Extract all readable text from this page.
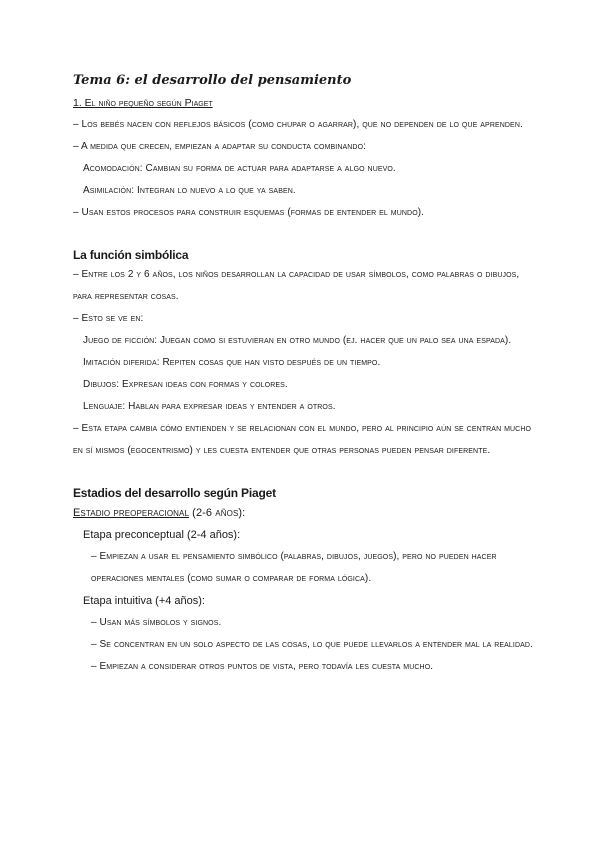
Tema 6: el desarrollo del pensamiento

1. El niño pequeño según Piaget

– Los bebés nacen con reflejos básicos (como chupar o agarrar), que no dependen de lo que aprenden.

– A medida que crecen, empiezan a adaptar su conducta combinando:

Acomodación: Cambian su forma de actuar para adaptarse a algo nuevo.

Asimilación: Integran lo nuevo a lo que ya saben.

– Usan estos procesos para construir esquemas (formas de entender el mundo).

La función simbólica

– Entre los 2 y 6 años, los niños desarrollan la capacidad de usar símbolos, como palabras o dibujos, para representar cosas.

– Esto se ve en:

Juego de ficción: Juegan como si estuvieran en otro mundo (ej. hacer que un palo sea una espada).

Imitación diferida: Repiten cosas que han visto después de un tiempo.

Dibujos: Expresan ideas con formas y colores.

Lenguaje: Hablan para expresar ideas y entender a otros.

– Esta etapa cambia cómo entienden y se relacionan con el mundo, pero al principio aún se centran mucho en sí mismos (egocentrismo) y les cuesta entender que otras personas pueden pensar diferente.

Estadios del desarrollo según Piaget

Estadio preoperacional (2-6 años):

Etapa preconceptual (2-4 años):

– Empiezan a usar el pensamiento simbólico (palabras, dibujos, juegos), pero no pueden hacer operaciones mentales (como sumar o comparar de forma lógica).

Etapa intuitiva (+4 años):

– Usan más símbolos y signos.

– Se concentran en un solo aspecto de las cosas, lo que puede llevarlos a entender mal la realidad.

– Empiezan a considerar otros puntos de vista, pero todavía les cuesta mucho.
